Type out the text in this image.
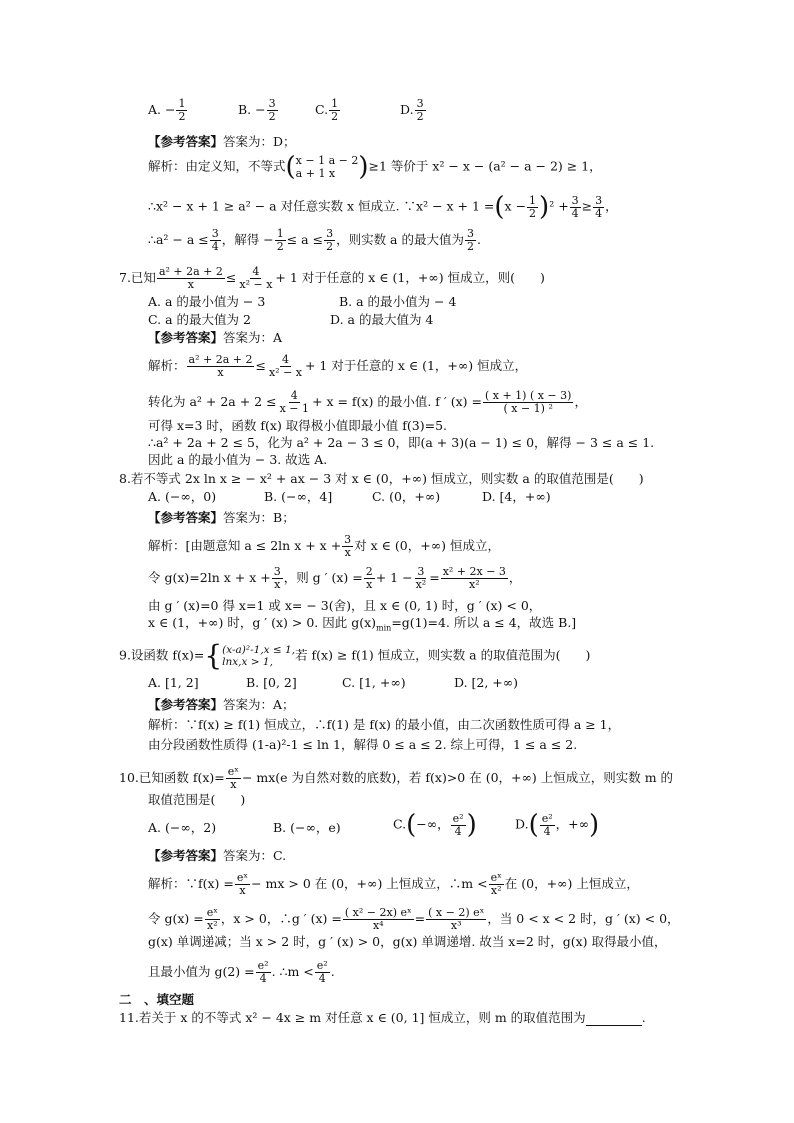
A. − $\frac{1}{2}$	B. − $\frac{3}{2}$	C. $\frac{1}{2}$	D. $\frac{3}{2}$
【参考答案】答案为：D；
解析：由定义知，不等式( x − 1 a − 2
a + 1 x )≥1 等价于 x² − x − (a² − a − 2) ≥ 1，
∴x² − x + 1 ≥ a² − a 对任意实数 x 恒成立. ∵x² − $x + 1 =(x - \frac{1}{2} )^2 + \frac{3}{4} \ge \frac{3}{4}$ ，
∴a² − $a \le \frac{3}{4}$ ，解得 − $\frac{1}{2} \le a \le \frac{3}{2}$ ，则实数 a 的最大值为 $\frac{3}{2}$ .
7.已知 $\frac{\text{a² + 2a + 2}}{x} \le \frac{4}{\text{x² − x}} + 1$ 对于任意的 x ∈ (1，+∞) 恒成立，则(　　)
A. a 的最小值为 − 3	B. a 的最小值为 − 4
C. a 的最大值为 2	D. a 的最大值为 4
【参考答案】答案为：A
解析： $\frac{\text{a² + 2a + 2}}{x} \le \frac{4}{\text{x² − x}} + 1$ 对于任意的 x ∈ (1，+∞) 恒成立，
转化为 $a^2 + 2a + 2 \le \frac{4}{x - 1} + x = f(x)$ 的最小值. f ′ $(x) = \frac{( x + 1) ( x - 3)}{\text{( x − 1) ²}}$ ，
可得 x=3 时，函数 f(x) 取得极小值即最小值 f(3)=5.
∴a² + 2a + 2 ≤ 5，化为 a² + 2a − 3 ≤ 0，即(a + 3)(a − 1) ≤ 0，解得 − 3 ≤ a ≤ 1.
因此 a 的最小值为 − 3. 故选 A.
8.若不等式 2x ln x ≥ − x² + ax − 3 对 x ∈ (0，+∞) 恒成立，则实数 a 的取值范围是(　　)
A. (−∞，0)	B. (−∞，4]	C. (0，+∞)	D. [4，+∞)
【参考答案】答案为：B；
解析：[由题意知 a ≤ 2ln $x + x + \frac{3}{x}$ 对 x ∈ (0，+∞) 恒成立，
令 g(x)=2ln $x + x + \frac{3}{x}$ ，则 g ′ $(x) = \frac{2}{x} + 1 - \frac{3}{\text{x²}} = \frac{\text{x² + 2x − 3}}{\text{x²}}$ ，
由 g ′ (x)=0 得 x=1 或 x= − 3(舍)，且 x ∈ (0, 1) 时，g ′ (x) < 0，
x ∈ (1，+∞) 时，g ′ (x) > 0. 因此 $g(x)_{min}=g(1)=4$. 所以 a ≤ 4，故选 B.]
9.设函数 f(x)={ (x-a)²-1,x ≤ 1,
lnx,x > 1,	若 f(x) ≥ f(1) 恒成立，则实数 a 的取值范围为(　　)
A. [1, 2]	B. [0, 2]	C. [1, +∞)	D. [2, +∞)
【参考答案】答案为：A；
解析：∵f(x) ≥ f(1) 恒成立，∴f(1) 是 f(x) 的最小值，由二次函数性质可得 a ≥ 1，
由分段函数性质得 (1-a)²-1 ≤ ln 1，解得 0 ≤ a ≤ 2. 综上可得，1 ≤ a ≤ 2.
10.已知函数 $f(x)= \frac{\text{eˣ}}{x} - mx(e$ 为自然对数的底数)，若 f(x)>0 在 (0，+∞) 上恒成立，则实数 m 的
取值范围是(　　)
A. (−∞，2)	B. (−∞，e)	C.(−∞， $\frac{\text{e²}}{4}$ )	$D.( \frac{\text{e²}}{4}$ ，+∞)
【参考答案】答案为：C.
解析：∵f(x) = $\frac{\text{eˣ}}{x}$ − mx > 0 在 (0，+∞) 上恒成立，∴m < $\frac{\text{eˣ}}{\text{x²}}$ 在 (0，+∞) 上恒成立，
令 $g(x) = \frac{\text{eˣ}}{\text{x²}}$ ，x > 0，∴g ′ $(x) = \frac{\text{( x² − 2x) eˣ}}{\text{x⁴}} = \frac{\text{( x − 2) eˣ}}{\text{x³}}$ ，当 0 < x < 2 时，g ′ (x) < 0，
g(x) 单调递减；当 x > 2 时，g ′ (x) > 0，g(x) 单调递增. 故当 x=2 时，g(x) 取得最小值，
且最小值为 $g(2) = \frac{\text{e²}}{4}$ . ∴m < $\frac{\text{e²}}{4}$ .
二　、填空题
11.若关于 x 的不等式 x² − 4x ≥ m 对任意 x ∈ (0, 1] 恒成立，则 m 的取值范围为	.
